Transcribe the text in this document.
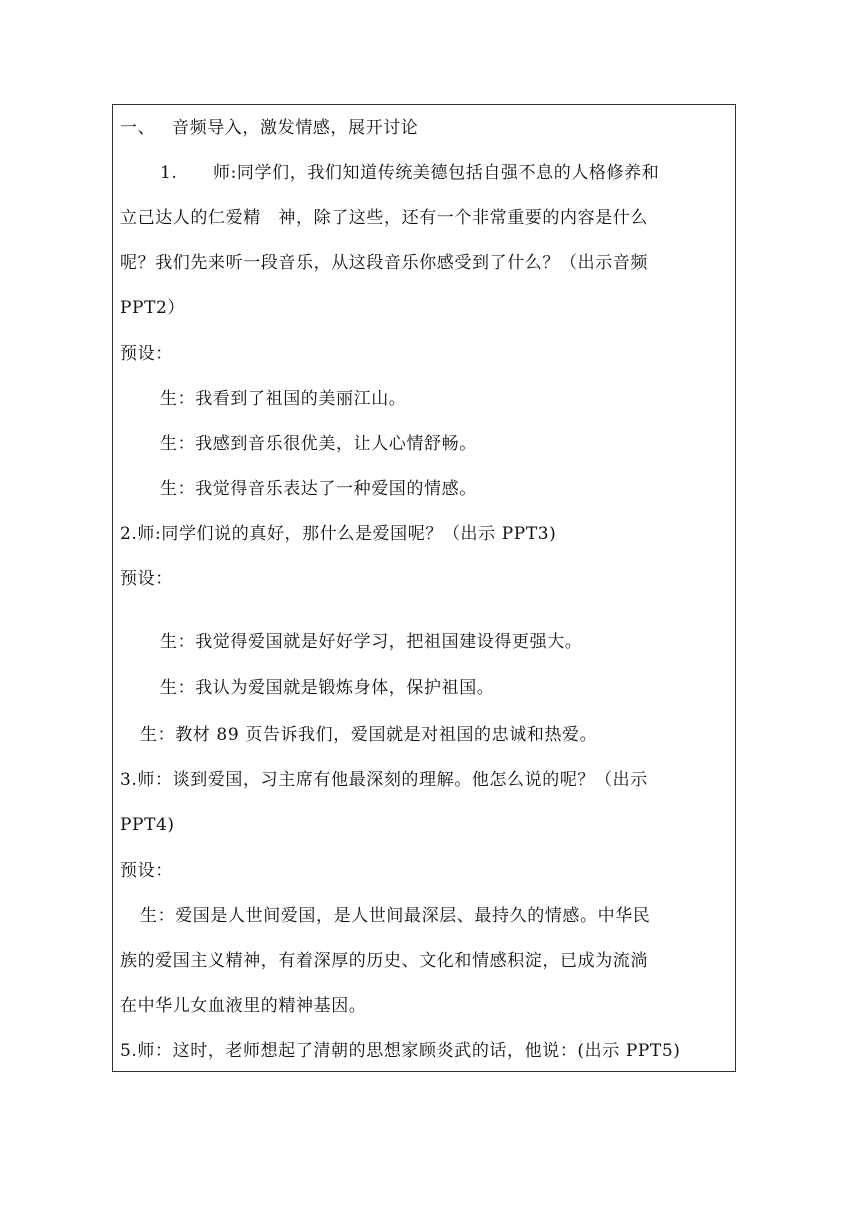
一、 音频导入，激发情感，展开讨论
1. 师:同学们，我们知道传统美德包括自强不息的人格修养和
立己达人的仁爱精　神，除了这些，还有一个非常重要的内容是什么
呢？我们先来听一段音乐，从这段音乐你感受到了什么？（出示音频
PPT2）
预设：
生：我看到了祖国的美丽江山。
生：我感到音乐很优美，让人心情舒畅。
生：我觉得音乐表达了一种爱国的情感。
2.师:同学们说的真好，那什么是爱国呢？（出示 PPT3)
预设：
生：我觉得爱国就是好好学习，把祖国建设得更强大。
生：我认为爱国就是锻炼身体，保护祖国。
生：教材 89 页告诉我们，爱国就是对祖国的忠诚和热爱。
3.师：谈到爱国，习主席有他最深刻的理解。他怎么说的呢？（出示
PPT4)
预设：
生：爱国是人世间爱国，是人世间最深层、最持久的情感。中华民
族的爱国主义精神，有着深厚的历史、文化和情感积淀，已成为流淌
在中华儿女血液里的精神基因。
5.师：这时，老师想起了清朝的思想家顾炎武的话，他说：(出示 PPT5)
